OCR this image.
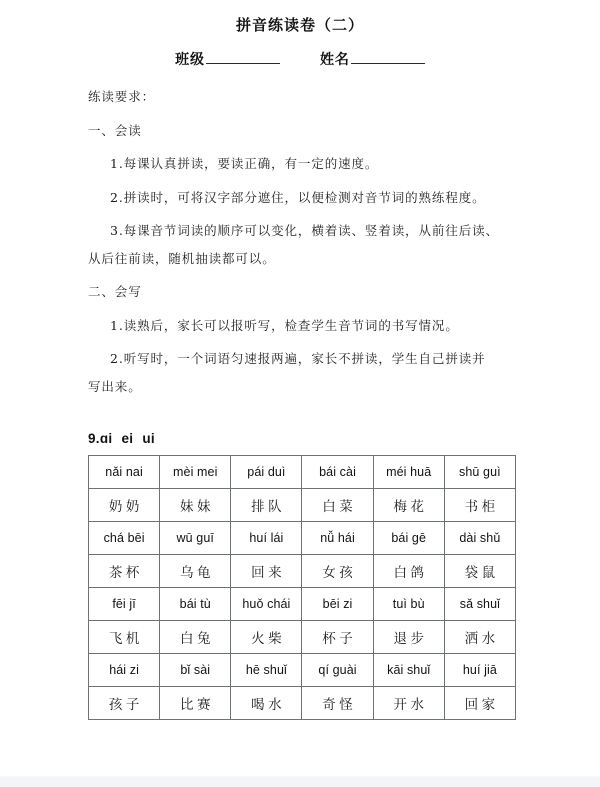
拼音练读卷（二）
班级	姓名

练读要求：

一、会读

1.每课认真拼读，要读正确，有一定的速度。

2.拼读时，可将汉字部分遮住，以便检测对音节词的熟练程度。

3.每课音节词读的顺序可以变化，横着读、竖着读，从前往后读、

从后往前读，随机抽读都可以。

二、会写

1.读熟后，家长可以报听写，检查学生音节词的书写情况。

2.听写时，一个词语匀速报两遍，家长不拼读，学生自己拼读并

写出来。

9.ɑi ei ui
nǎi nai	mèi mei	pái duì	bái cài	méi huā	shū guì
奶奶	妹妹	排队	白菜	梅花	书柜
chá bēi	wū guī	huí lái	nǚ hái	bái gē	dài shǔ
茶杯	乌龟	回来	女孩	白鸽	袋鼠
fēi jī	bái tù	huǒ chái	bēi zi	tuì bù	sǎ shuǐ
飞机	白兔	火柴	杯子	退步	洒水
hái zi	bǐ sài	hē shuǐ	qí guài	kāi shuǐ	huí jiā
孩子	比赛	喝水	奇怪	开水	回家
